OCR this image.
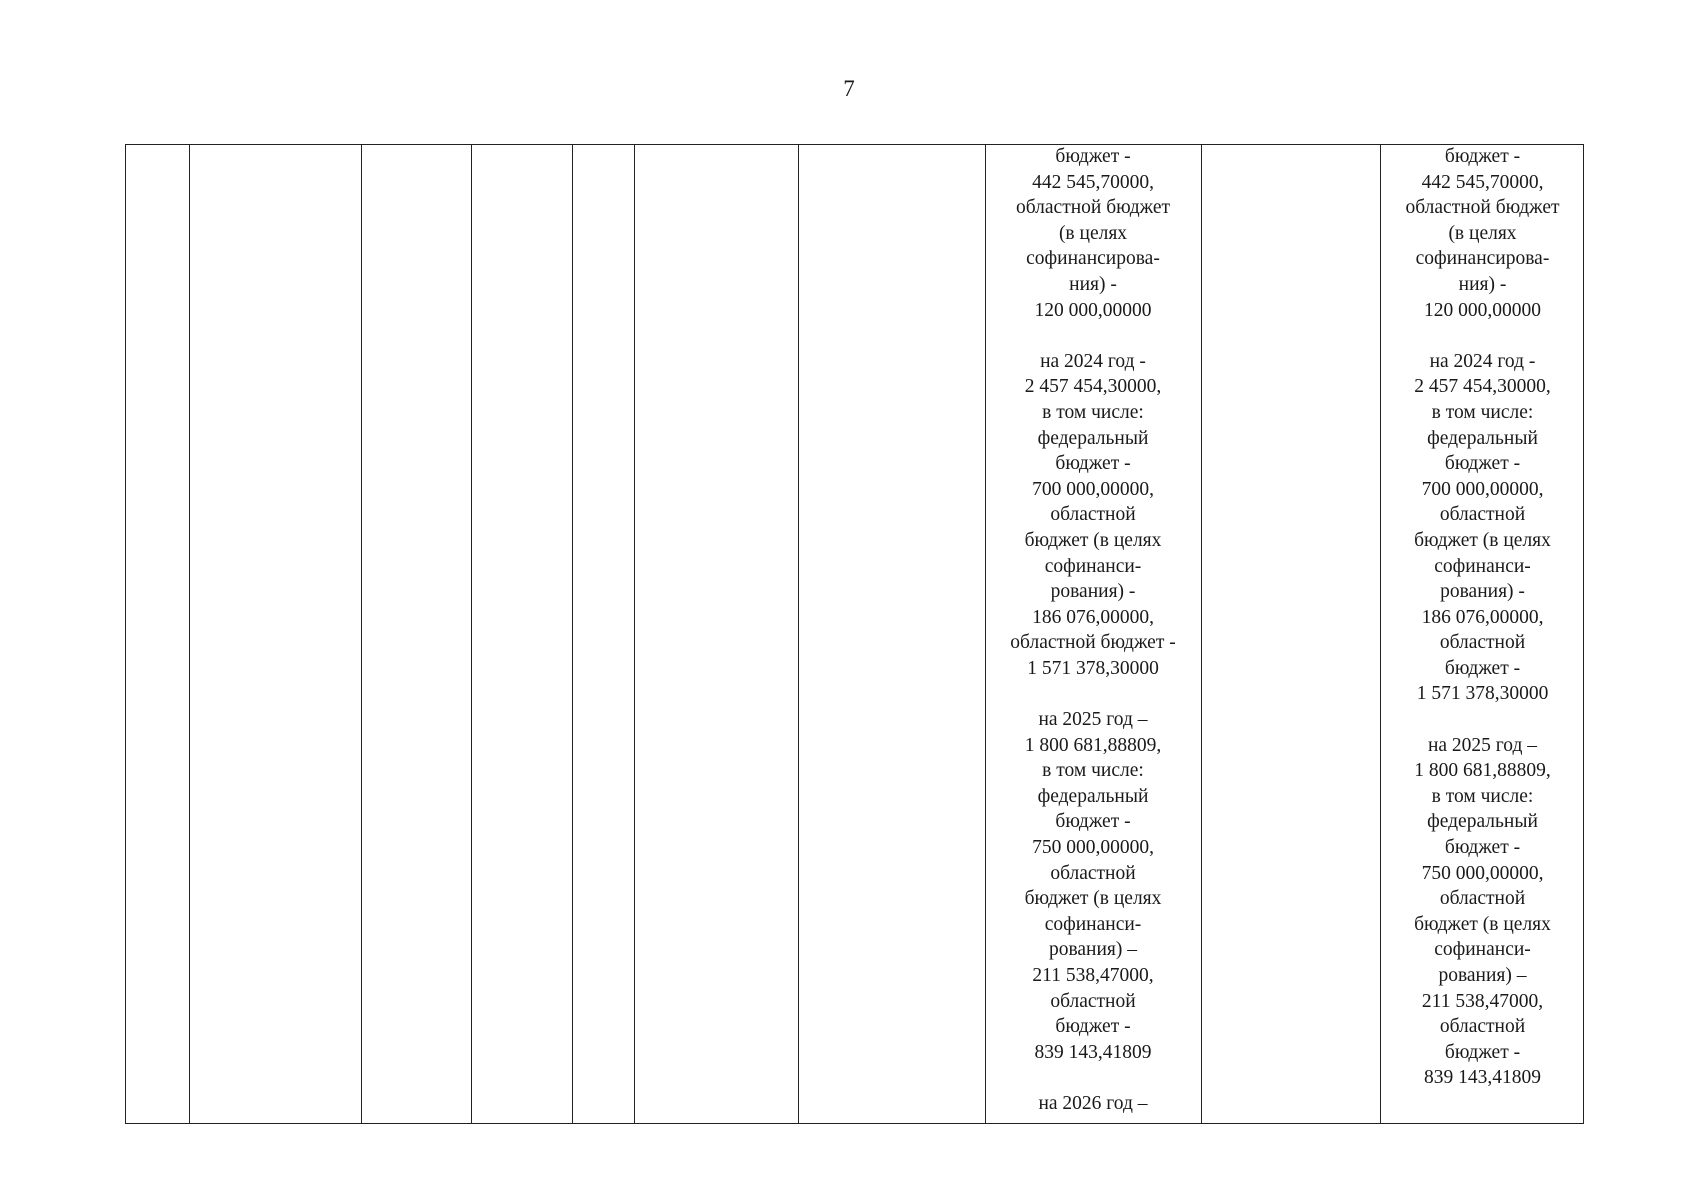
7
бюджет -
442 545,70000,
областной бюджет
(в целях
софинансирова-
ния) -
120 000,00000
на 2024 год -
2 457 454,30000,
в том числе:
федеральный
бюджет -
700 000,00000,
областной
бюджет (в целях
софинанси-
рования) -
186 076,00000,
областной бюджет -
1 571 378,30000
на 2025 год –
1 800 681,88809,
в том числе:
федеральный
бюджет -
750 000,00000,
областной
бюджет (в целях
софинанси-
рования) –
211 538,47000,
областной
бюджет -
839 143,41809
на 2026 год –
бюджет -
442 545,70000,
областной бюджет
(в целях
софинансирова-
ния) -
120 000,00000
на 2024 год -
2 457 454,30000,
в том числе:
федеральный
бюджет -
700 000,00000,
областной
бюджет (в целях
софинанси-
рования) -
186 076,00000,
областной
бюджет -
1 571 378,30000
на 2025 год –
1 800 681,88809,
в том числе:
федеральный
бюджет -
750 000,00000,
областной
бюджет (в целях
софинанси-
рования) –
211 538,47000,
областной
бюджет -
839 143,41809
